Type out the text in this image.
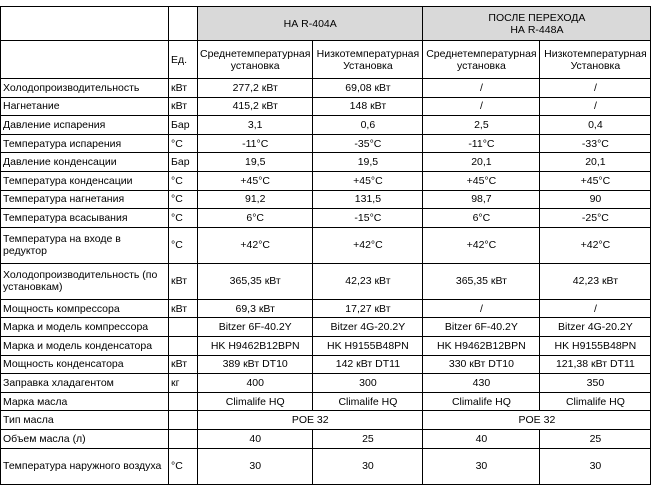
		НА R-404A		ПОСЛЕ ПЕРЕХОДА
НА R-448A	

	Ед.	Среднетемпературная установка	Низкотемпературная Установка	Среднетемпературная установка	Низкотемпературная Установка
Холодопроизводительность	кВт	277,2 кВт	69,08 кВт	/	/
Нагнетание	кВт	415,2 кВт	148 кВт	/	/
Давление испарения	Бар	3,1	0,6	2,5	0,4
Температура испарения	°C	-11°C	-35°C	-11°C	-33°C
Давление конденсации	Бар	19,5	19,5	20,1	20,1
Температура конденсации	°C	+45°C	+45°C	+45°C	+45°C
Температура нагнетания	°C	91,2	131,5	98,7	90
Температура всасывания	°C	6°C	-15°C	6°C	-25°C
Температура на входе в редуктор	°C	+42°C	+42°C	+42°C	+42°C
Холодопроизводительность (по установкам)	кВт	365,35 кВт	42,23 кВт	365,35 кВт	42,23 кВт
Мощность компрессора	кВт	69,3 кВт	17,27 кВт	/	/
Марка и модель компрессора		Bitzer 6F-40.2Y	Bitzer 4G-20.2Y	Bitzer 6F-40.2Y	Bitzer 4G-20.2Y
Марка и модель конденсатора		HK H9462B12BPN	HK H9155B48PN	HK H9462B12BPN	HK H9155B48PN
Мощность конденсатора	кВт	389 кВт DT10	142 кВт DT11	330 кВт DT10	121,38 кВт DT11
Заправка хладагентом	кг	400	300	430	350
Марка масла		Climalife HQ	Climalife HQ	Climalife HQ	Climalife HQ
Тип масла		POE 32		POE 32	
Объем масла (л)		40	25	40	25
Температура наружного воздуха	°C	30	30	30	30
